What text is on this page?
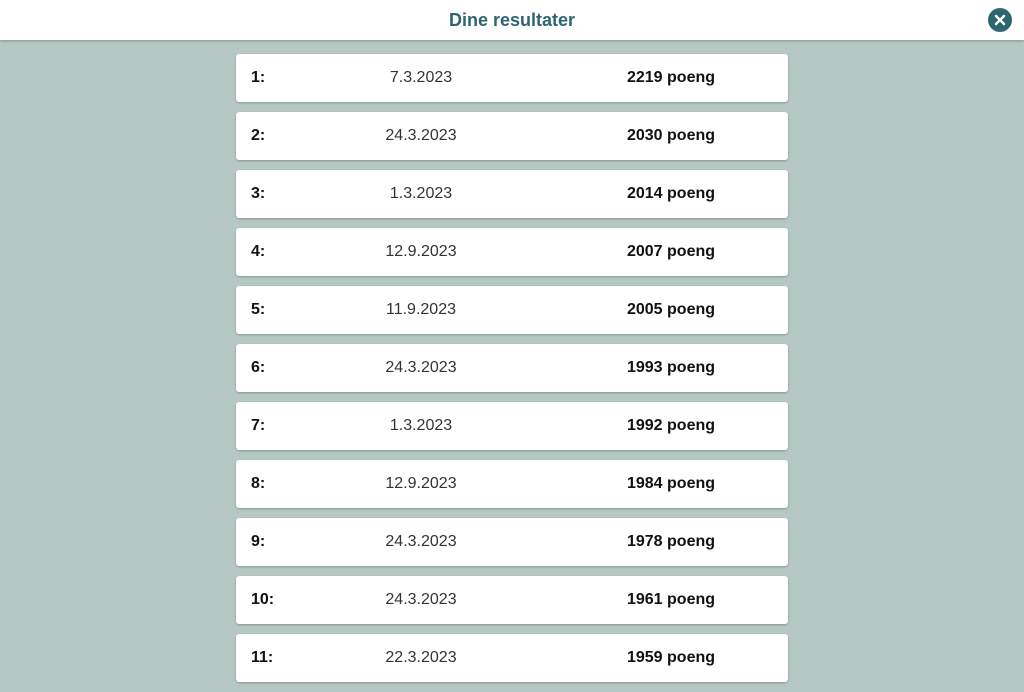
Dine resultater
1:	7.3.2023	2219 poeng
2:	24.3.2023	2030 poeng
3:	1.3.2023	2014 poeng
4:	12.9.2023	2007 poeng
5:	11.9.2023	2005 poeng
6:	24.3.2023	1993 poeng
7:	1.3.2023	1992 poeng
8:	12.9.2023	1984 poeng
9:	24.3.2023	1978 poeng
10:	24.3.2023	1961 poeng
11:	22.3.2023	1959 poeng
